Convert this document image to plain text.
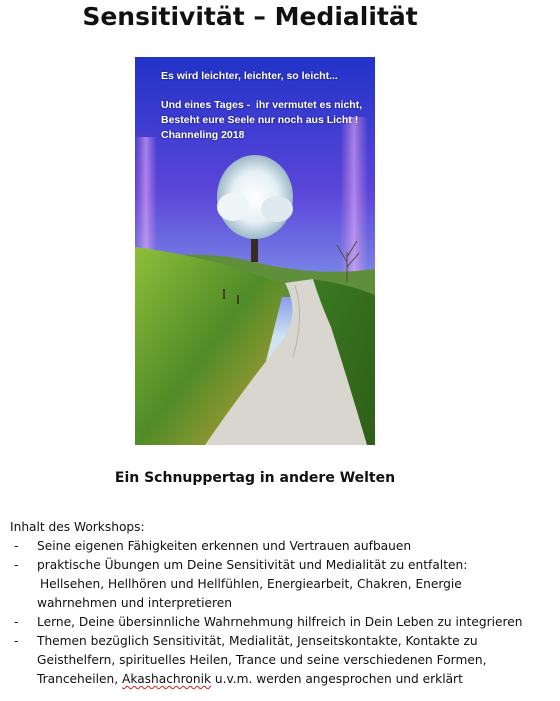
Sensitivität – Medialität
Es wird leichter, leichter, so leicht...
Und eines Tages -  ihr vermutet es nicht,
Besteht eure Seele nur noch aus Licht !
Channeling 2018
Ein Schnuppertag in andere Welten

Inhalt des Workshops:

- Seine eigenen Fähigkeiten erkennen und Vertrauen aufbauen
- praktische Übungen um Deine Sensitivität und Medialität zu entfalten:
Hellsehen, Hellhören und Hellfühlen, Energiearbeit, Chakren, Energie
wahrnehmen und interpretieren
- Lerne, Deine übersinnliche Wahrnehmung hilfreich in Dein Leben zu integrieren
- Themen bezüglich Sensitivität, Medialität, Jenseitskontakte, Kontakte zu
Geisthelfern, spirituelles Heilen, Trance und seine verschiedenen Formen,
Tranceheilen, Akashachronik u.v.m. werden angesprochen und erklärt
